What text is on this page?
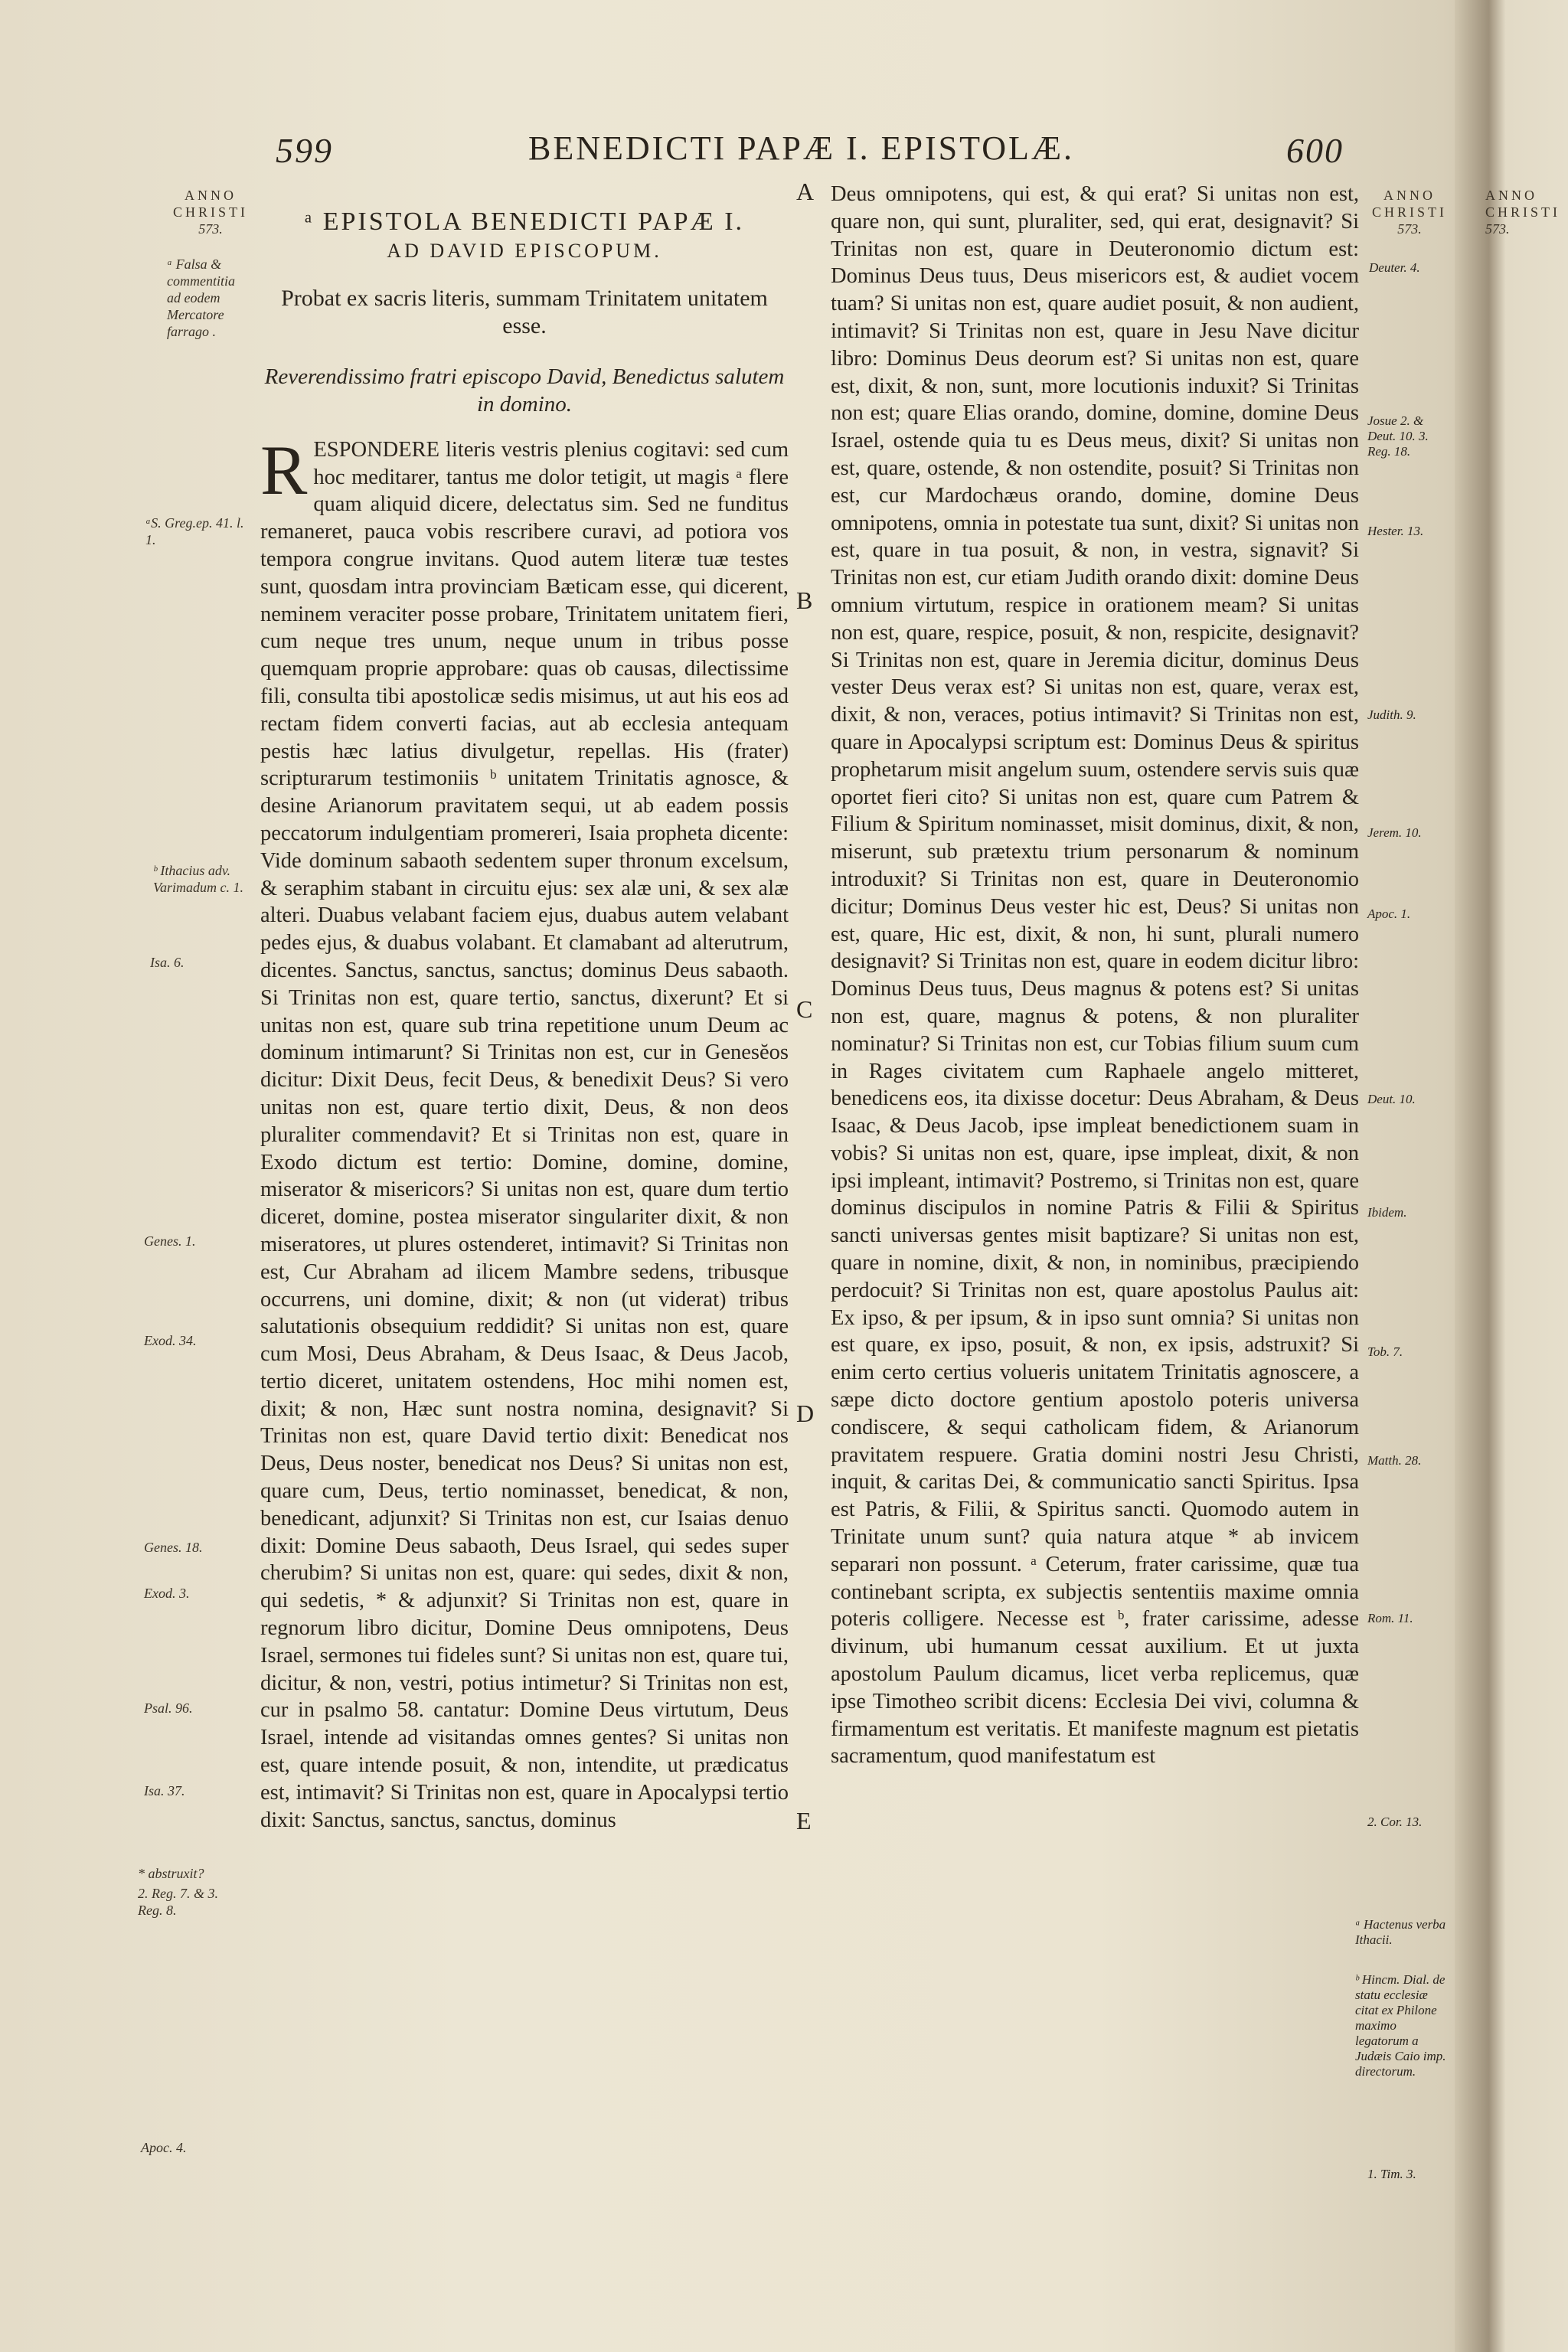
599	BENEDICTI PAPÆ I. EPISTOLÆ.	600
ANNO
CHRISTI
573.
ᵃ Falsa & commentitia ad eodem Mercatore farrago .
ᵃS. Greg.ep. 41. l. 1.
ᵇ Ithacius adv. Varimadum c. 1.
Isa. 6.
Genes. 1.
Exod. 34.
Genes. 18.
Exod. 3.
Psal. 96.
Isa. 37.
* abstruxit?
2. Reg. 7. & 3. Reg. 8.
Apoc. 4.
ᵃ EPISTOLA BENEDICTI PAPÆ I.
AD DAVID EPISCOPUM.
Probat ex sacris literis, summam Trinitatem unitatem esse.
Reverendissimo fratri episcopo David, Benedictus salutem in domino.
R ESPONDERE literis vestris plenius cogitavi: sed cum hoc meditarer, tantus me dolor tetigit, ut magis ᵃ flere quam aliquid dicere, delectatus sim. Sed ne funditus remaneret, pauca vobis rescribere curavi, ad potiora vos tempora congrue invitans. Quod autem literæ tuæ testes sunt, quosdam intra provinciam Bæticam esse, qui dicerent, neminem veraciter posse probare, Trinitatem unitatem fieri, cum neque tres unum, neque unum in tribus posse quemquam proprie approbare: quas ob causas, dilectissime fili, consulta tibi apostolicæ sedis misimus, ut aut his eos ad rectam fidem converti facias, aut ab ecclesia antequam pestis hæc latius divulgetur, repellas. His (frater) scripturarum testimoniis ᵇ unitatem Trinitatis agnosce, & desine Arianorum pravitatem sequi, ut ab eadem possis peccatorum indulgentiam promereri, Isaia propheta dicente: Vide dominum sabaoth sedentem super thronum excelsum, & seraphim stabant in circuitu ejus: sex alæ uni, & sex alæ alteri. Duabus velabant faciem ejus, duabus autem velabant pedes ejus, & duabus volabant. Et clamabant ad alterutrum, dicentes. Sanctus, sanctus, sanctus; dominus Deus sabaoth. Si Trinitas non est, quare tertio, sanctus, dixerunt? Et si unitas non est, quare sub trina repetitione unum Deum ac dominum intimarunt? Si Trinitas non est, cur in Genesĕos dicitur: Dixit Deus, fecit Deus, & benedixit Deus? Si vero unitas non est, quare tertio dixit, Deus, & non deos pluraliter commendavit? Et si Trinitas non est, quare in Exodo dictum est tertio: Domine, domine, domine, miserator & misericors? Si unitas non est, quare dum tertio diceret, domine, postea miserator singulariter dixit, & non miseratores, ut plures ostenderet, intimavit? Si Trinitas non est, Cur Abraham ad ilicem Mambre sedens, tribusque occurrens, uni domine, dixit; & non (ut viderat) tribus salutationis obsequium reddidit? Si unitas non est, quare cum Mosi, Deus Abraham, & Deus Isaac, & Deus Jacob, tertio diceret, unitatem ostendens, Hoc mihi nomen est, dixit; & non, Hæc sunt nostra nomina, designavit? Si Trinitas non est, quare David tertio dixit: Benedicat nos Deus, Deus noster, benedicat nos Deus? Si unitas non est, quare cum, Deus, tertio nominasset, benedicat, & non, benedicant, adjunxit? Si Trinitas non est, cur Isaias denuo dixit: Domine Deus sabaoth, Deus Israel, qui sedes super cherubim? Si unitas non est, quare: qui sedes, dixit & non, qui sedetis, * & adjunxit? Si Trinitas non est, quare in regnorum libro dicitur, Domine Deus omnipotens, Deus Israel, sermones tui fideles sunt? Si unitas non est, quare tui, dicitur, & non, vestri, potius intimetur? Si Trinitas non est, cur in psalmo 58. cantatur: Domine Deus virtutum, Deus Israel, intende ad visitandas omnes gentes? Si unitas non est, quare intende posuit, & non, intendite, ut prædicatus est, intimavit? Si Trinitas non est, quare in Apocalypsi tertio dixit: Sanctus, sanctus, sanctus, dominus

A
B
C
D
E

Deus omnipotens, qui est, & qui erat? Si unitas non est, quare non, qui sunt, pluraliter, sed, qui erat, designavit? Si Trinitas non est, quare in Deuteronomio dictum est: Dominus Deus tuus, Deus misericors est, & audiet vocem tuam? Si unitas non est, quare audiet posuit, & non audient, intimavit? Si Trinitas non est, quare in Jesu Nave dicitur libro: Dominus Deus deorum est? Si unitas non est, quare est, dixit, & non, sunt, more locutionis induxit? Si Trinitas non est; quare Elias orando, domine, domine, domine Deus Israel, ostende quia tu es Deus meus, dixit? Si unitas non est, quare, ostende, & non ostendite, posuit? Si Trinitas non est, cur Mardochæus orando, domine, domine Deus omnipotens, omnia in potestate tua sunt, dixit? Si unitas non est, quare in tua posuit, & non, in vestra, signavit? Si Trinitas non est, cur etiam Judith orando dixit: domine Deus omnium virtutum, respice in orationem meam? Si unitas non est, quare, respice, posuit, & non, respicite, designavit? Si Trinitas non est, quare in Jeremia dicitur, dominus Deus vester Deus verax est? Si unitas non est, quare, verax est, dixit, & non, veraces, potius intimavit? Si Trinitas non est, quare in Apocalypsi scriptum est: Dominus Deus & spiritus prophetarum misit angelum suum, ostendere servis suis quæ oportet fieri cito? Si unitas non est, quare cum Patrem & Filium & Spiritum nominasset, misit dominus, dixit, & non, miserunt, sub prætextu trium personarum & nominum introduxit? Si Trinitas non est, quare in Deuteronomio dicitur; Dominus Deus vester hic est, Deus? Si unitas non est, quare, Hic est, dixit, & non, hi sunt, plurali numero designavit? Si Trinitas non est, quare in eodem dicitur libro: Dominus Deus tuus, Deus magnus & potens est? Si unitas non est, quare, magnus & potens, & non pluraliter nominatur? Si Trinitas non est, cur Tobias filium suum cum in Rages civitatem cum Raphaele angelo mitteret, benedicens eos, ita dixisse docetur: Deus Abraham, & Deus Isaac, & Deus Jacob, ipse impleat benedictionem suam in vobis? Si unitas non est, quare, ipse impleat, dixit, & non ipsi impleant, intimavit? Postremo, si Trinitas non est, quare dominus discipulos in nomine Patris & Filii & Spiritus sancti universas gentes misit baptizare? Si unitas non est, quare in nomine, dixit, & non, in nominibus, præcipiendo perdocuit? Si Trinitas non est, quare apostolus Paulus ait: Ex ipso, & per ipsum, & in ipso sunt omnia? Si unitas non est quare, ex ipso, posuit, & non, ex ipsis, adstruxit? Si enim certo certius volueris unitatem Trinitatis agnoscere, a sæpe dicto doctore gentium apostolo poteris universa condiscere, & sequi catholicam fidem, & Arianorum pravitatem respuere. Gratia domini nostri Jesu Christi, inquit, & caritas Dei, & communicatio sancti Spiritus. Ipsa est Patris, & Filii, & Spiritus sancti. Quomodo autem in Trinitate unum sunt? quia natura atque * ab invicem separari non possunt. ᵃ Ceterum, frater carissime, quæ tua continebant scripta, ex subjectis sententiis maxime omnia poteris colligere. Necesse est ᵇ, frater carissime, adesse divinum, ubi humanum cessat auxilium. Et ut juxta apostolum Paulum dicamus, licet verba replicemus, quæ ipse Timotheo scribit dicens: Ecclesia Dei vivi, columna & firmamentum est veritatis. Et manifeste magnum est pietatis sacramentum, quod manifestatum est

ANNO
CHRISTI
573.
Deuter. 4.
Josue 2. & Deut. 10. 3. Reg. 18.
Hester. 13.
Judith. 9.
Jerem. 10.
Apoc. 1.
Deut. 10.
Ibidem.
Tob. 7.
Matth. 28.
Rom. 11.
2. Cor. 13.
ᵃ Hactenus verba Ithacii.
ᵇ Hincm. Dial. de statu ecclesiæ citat ex Philone maximo legatorum a Judæis Caio imp. directorum.
1. Tim. 3.
ANNO
CHRISTI
573.
